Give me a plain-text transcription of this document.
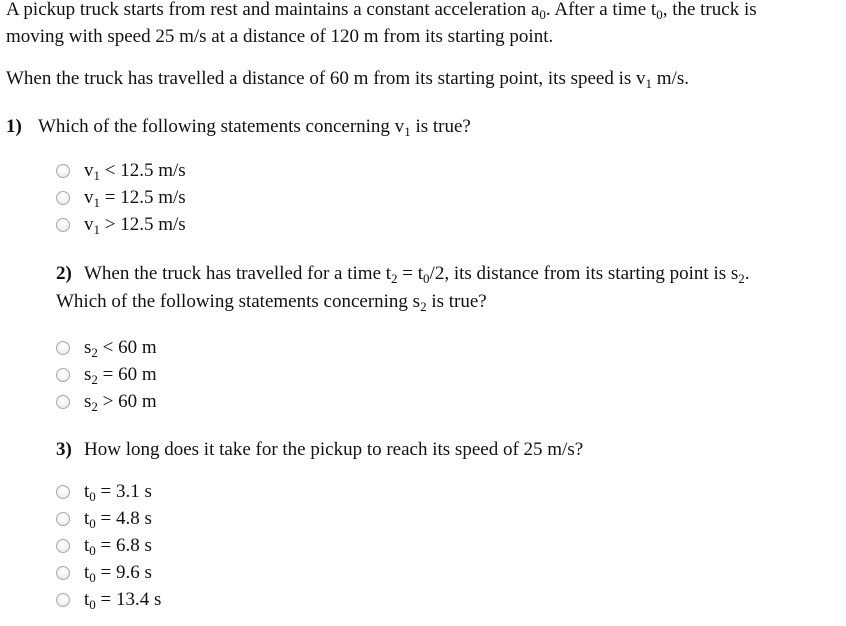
A pickup truck starts from rest and maintains a constant acceleration $a_0$. After a time $t_0$, the truck is

moving with speed 25 m/s at a distance of 120 m from its starting point.

When the truck has travelled a distance of 60 m from its starting point, its speed is $v_1$ m/s.

1) Which of the following statements concerning $v_1$ is true?
$v_1 < 12.5$ m/s
$v_1 = 12.5$ m/s
$v_1 > 12.5$ m/s
2) When the truck has travelled for a time $t_2 = t_0/2$, its distance from its starting point is $s_2$.
Which of the following statements concerning $s_2$ is true?
$s_2 < 60$ m
$s_2 = 60$ m
$s_2 > 60$ m
3) How long does it take for the pickup to reach its speed of 25 m/s?
$t_0 = 3.1$ s
$t_0 = 4.8$ s
$t_0 = 6.8$ s
$t_0 = 9.6$ s
$t_0 = 13.4$ s
